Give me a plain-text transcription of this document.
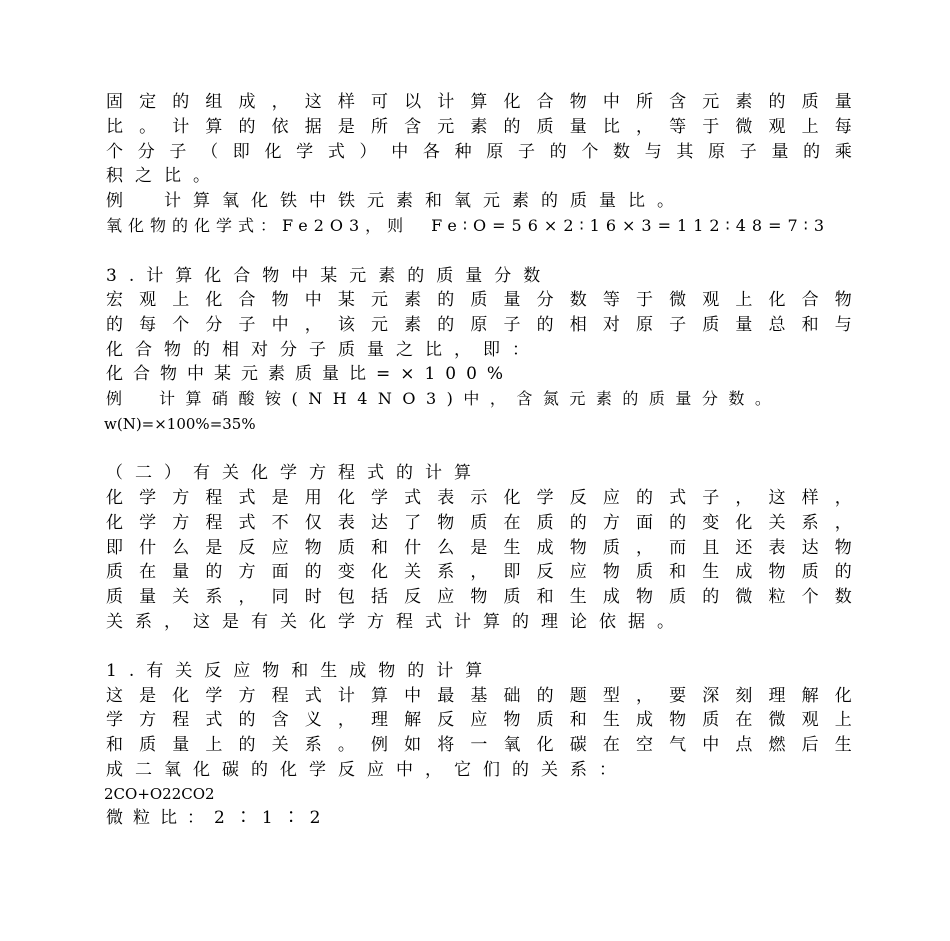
固 定 的 组 成 ， 这 样 可 以 计 算 化 合 物 中 所 含 元 素 的 质 量
比 。 计 算 的 依 据 是 所 含 元 素 的 质 量 比 ， 等 于 微 观 上 每
个 分 子 （ 即 化 学 式 ） 中 各 种 原 子 的 个 数 与 其 原 子 量 的 乘
积之比。
例　计算氧化铁中铁元素和氧元素的质量比。
氧化物的化学式：Fe2O3，则　Fe∶O=56×2∶16×3=112∶48=7∶3
3.计算化合物中某元素的质量分数
宏 观 上 化 合 物 中 某 元 素 的 质 量 分 数 等 于 微 观 上 化 合 物
的 每 个 分 子 中 ， 该 元 素 的 原 子 的 相 对 原 子 质 量 总 和 与
化合物的相对分子质量之比，即：
化合物中某元素质量比=×100%
例　计算硝酸铵(NH4NO3)中，含氮元素的质量分数。
w(N)=×100%=35%
（二）有关化学方程式的计算
化 学 方 程 式 是 用 化 学 式 表 示 化 学 反 应 的 式 子 ， 这 样 ，
化 学 方 程 式 不 仅 表 达 了 物 质 在 质 的 方 面 的 变 化 关 系 ，
即 什 么 是 反 应 物 质 和 什 么 是 生 成 物 质 ， 而 且 还 表 达 物
质 在 量 的 方 面 的 变 化 关 系 ， 即 反 应 物 质 和 生 成 物 质 的
质 量 关 系 ， 同 时 包 括 反 应 物 质 和 生 成 物 质 的 微 粒 个 数
关系，这是有关化学方程式计算的理论依据。
1.有关反应物和生成物的计算
这 是 化 学 方 程 式 计 算 中 最 基 础 的 题 型 ， 要 深 刻 理 解 化
学 方 程 式 的 含 义 ， 理 解 反 应 物 质 和 生 成 物 质 在 微 观 上
和 质 量 上 的 关 系 。 例 如 将 一 氧 化 碳 在 空 气 中 点 燃 后 生
成二氧化碳的化学反应中，它们的关系：
2CO+O22CO2
微粒比：2∶1∶2
